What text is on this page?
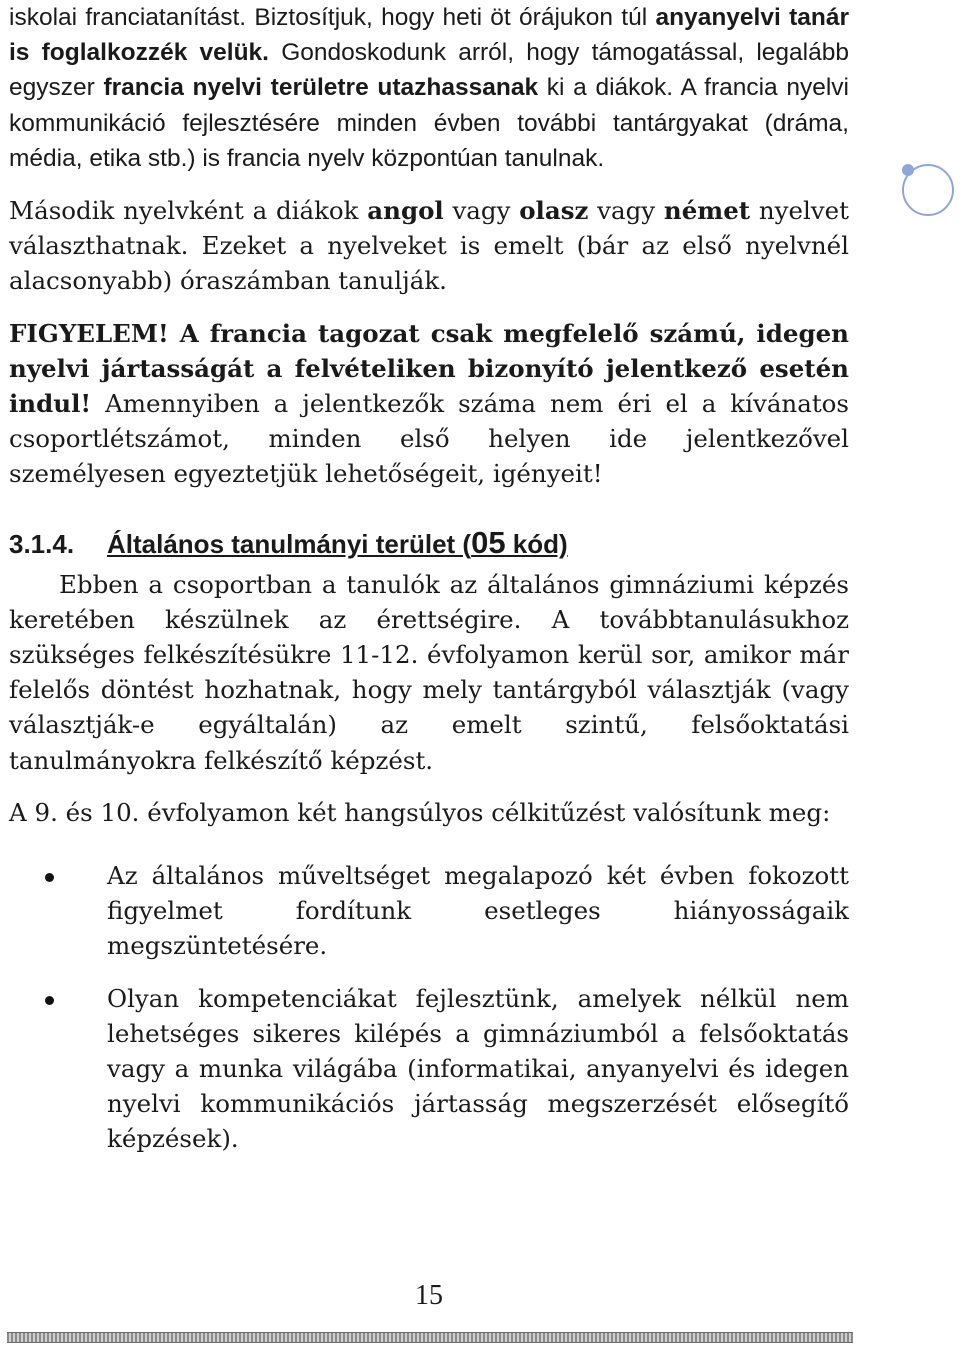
iskolai franciatanítást. Biztosítjuk, hogy heti öt órájukon túl anyanyelvi tanár is foglalkozzék velük. Gondoskodunk arról, hogy támogatással, legalább egyszer francia nyelvi területre utazhassanak ki a diákok. A francia nyelvi kommunikáció fejlesztésére minden évben további tantárgyakat (dráma, média, etika stb.) is francia nyelv központúan tanulnak.

Második nyelvként a diákok angol vagy olasz vagy német nyelvet választhatnak. Ezeket a nyelveket is emelt (bár az első nyelvnél alacsonyabb) óraszámban tanulják.

FIGYELEM! A francia tagozat csak megfelelő számú, idegen nyelvi jártasságát a felvételiken bizonyító jelentkező esetén indul! Amennyiben a jelentkezők száma nem éri el a kívánatos csoportlétszámot, minden első helyen ide jelentkezővel személyesen egyeztetjük lehetőségeit, igényeit!

3.1.4. Általános tanulmányi terület (05 kód)

Ebben a csoportban a tanulók az általános gimnáziumi képzés keretében készülnek az érettségire. A továbbtanulásukhoz szükséges felkészítésükre 11-12. évfolyamon kerül sor, amikor már felelős döntést hozhatnak, hogy mely tantárgyból választják (vagy választják-e egyáltalán) az emelt szintű, felsőoktatási tanulmányokra felkészítő képzést.

A 9. és 10. évfolyamon két hangsúlyos célkitűzést valósítunk meg:

Az általános műveltséget megalapozó két évben fokozott figyelmet fordítunk esetleges hiányosságaik megszüntetésére.

Olyan kompetenciákat fejlesztünk, amelyek nélkül nem lehetséges sikeres kilépés a gimnáziumból a felsőoktatás vagy a munka világába (informatikai, anyanyelvi és idegen nyelvi kommunikációs jártasság megszerzését elősegítő képzések).

15
